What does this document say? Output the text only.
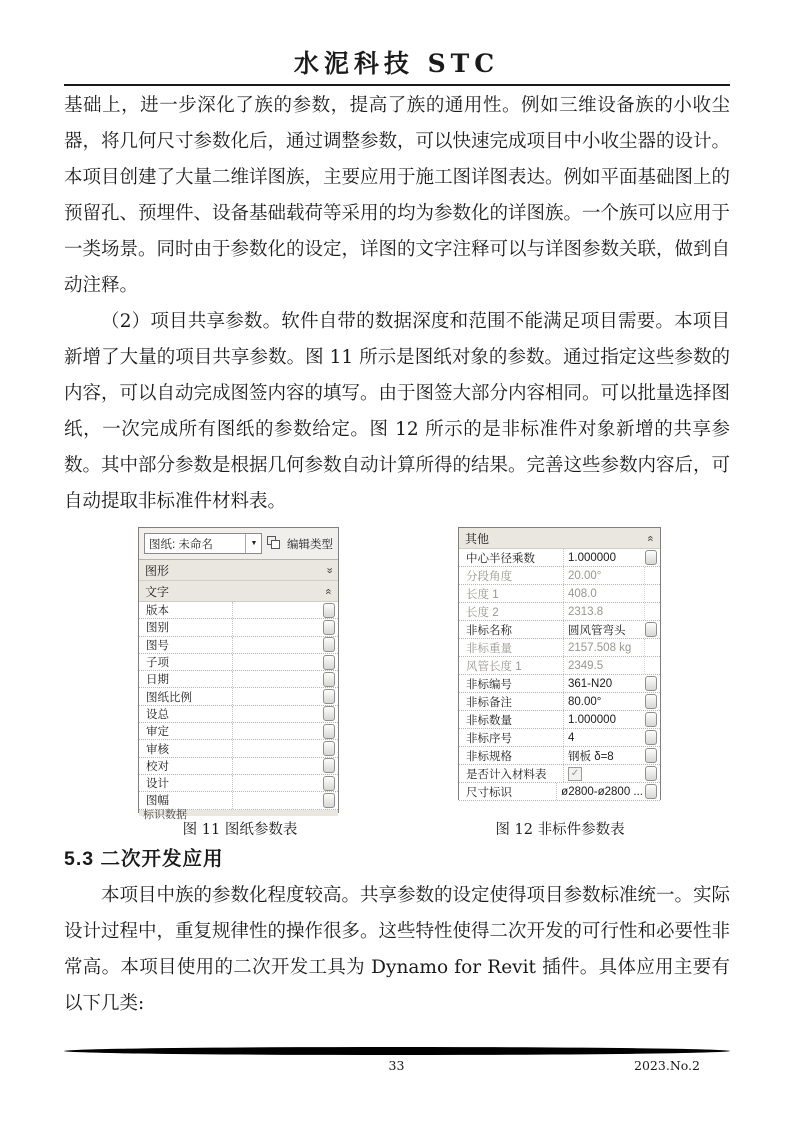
水泥科技 STC

基础上，进一步深化了族的参数，提高了族的通用性。例如三维设备族的小收尘器，将几何尺寸参数化后，通过调整参数，可以快速完成项目中小收尘器的设计。本项目创建了大量二维详图族，主要应用于施工图详图表达。例如平面基础图上的预留孔、预埋件、设备基础载荷等采用的均为参数化的详图族。一个族可以应用于一类场景。同时由于参数化的设定，详图的文字注释可以与详图参数关联，做到自动注释。

（2）项目共享参数。软件自带的数据深度和范围不能满足项目需要。本项目新增了大量的项目共享参数。图 11 所示是图纸对象的参数。通过指定这些参数的内容，可以自动完成图签内容的填写。由于图签大部分内容相同。可以批量选择图纸，一次完成所有图纸的参数给定。图 12 所示的是非标准件对象新增的共享参数。其中部分参数是根据几何参数自动计算所得的结果。完善这些参数内容后，可自动提取非标准件材料表。

图纸: 未命名	▼	编辑类型
图形	»
文字	»
版本
图别
图号
子项
日期
图纸比例
设总
审定
审核
校对
设计
图幅
标识数据
其他	»
中心半径乘数	1.000000
分段角度	20.00°
长度 1	408.0
长度 2	2313.8
非标名称	圆风管弯头
非标重量	2157.508 kg
风管长度 1	2349.5
非标编号	361-N20
非标备注	80.00°
非标数量	1.000000
非标序号	4
非标规格	钢板 δ=8
是否计入材料表	✓
尺寸标识	ø2800-ø2800 ...
图 11 图纸参数表	图 12 非标件参数表
5.3 二次开发应用

本项目中族的参数化程度较高。共享参数的设定使得项目参数标准统一。实际设计过程中，重复规律性的操作很多。这些特性使得二次开发的可行性和必要性非常高。本项目使用的二次开发工具为 Dynamo for Revit 插件。具体应用主要有以下几类:

33	2023.No.2
